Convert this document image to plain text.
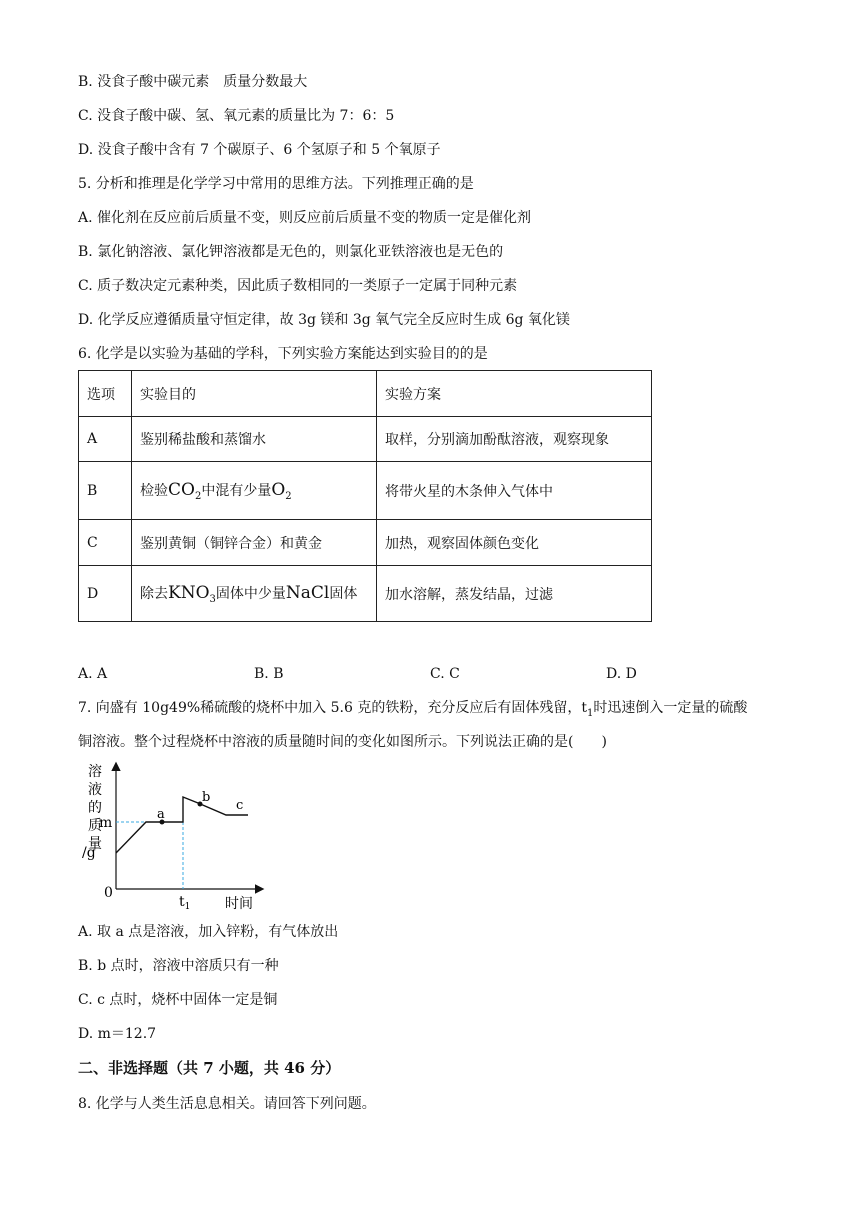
B. 没食子酸中碳元素　质量分数最大
C. 没食子酸中碳、氢、氧元素的质量比为 7：6：5
D. 没食子酸中含有 7 个碳原子、6 个氢原子和 5 个氧原子
5. 分析和推理是化学学习中常用的思维方法。下列推理正确的是
A. 催化剂在反应前后质量不变，则反应前后质量不变的物质一定是催化剂
B. 氯化钠溶液、氯化钾溶液都是无色的，则氯化亚铁溶液也是无色的
C. 质子数决定元素种类，因此质子数相同的一类原子一定属于同种元素
D. 化学反应遵循质量守恒定律，故 3g 镁和 3g 氧气完全反应时生成 6g 氧化镁
6. 化学是以实验为基础的学科，下列实验方案能达到实验目的的是
选项	实验目的	实验方案
A	鉴别稀盐酸和蒸馏水	取样，分别滴加酚酞溶液，观察现象
B	检验$CO_2$中混有少量$O_2$	将带火星的木条伸入气体中
C	鉴别黄铜（铜锌合金）和黄金	加热，观察固体颜色变化
D	除去$KNO_3$固体中少量NaCl固体	加水溶解，蒸发结晶，过滤
A. A	B. B	C. C	D. D
7. 向盛有 10g49%稀硫酸的烧杯中加入 5.6 克的铁粉，充分反应后有固体残留，$t_1$时迅速倒入一定量的硫酸
铜溶液。整个过程烧杯中溶液的质量随时间的变化如图所示。下列说法正确的是(　　)
溶
液
的
质
量
/g
m
0
$t_1$ 时间
a
b
c
A. 取 a 点是溶液，加入锌粉，有气体放出
B. b 点时，溶液中溶质只有一种
C. c 点时，烧杯中固体一定是铜
D. m＝12.7
二、非选择题（共 7 小题，共 46 分）
8. 化学与人类生活息息相关。请回答下列问题。
